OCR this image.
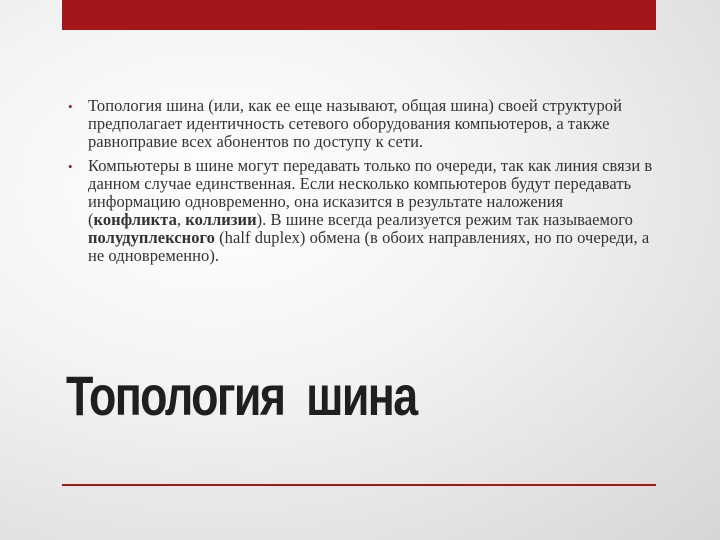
• Топология шина (или, как ее еще называют, общая шина) своей структурой предполагает идентичность сетевого оборудования компьютеров, а также равноправие всех абонентов по доступу к сети.
• Компьютеры в шине могут передавать только по очереди, так как линия связи в данном случае единственная. Если несколько компьютеров будут передавать информацию одновременно, она исказится в результате наложения (конфликта, коллизии). В шине всегда реализуется режим так называемого полудуплексного (half duplex) обмена (в обоих направлениях, но по очереди, а не одновременно).
Топология  шина
